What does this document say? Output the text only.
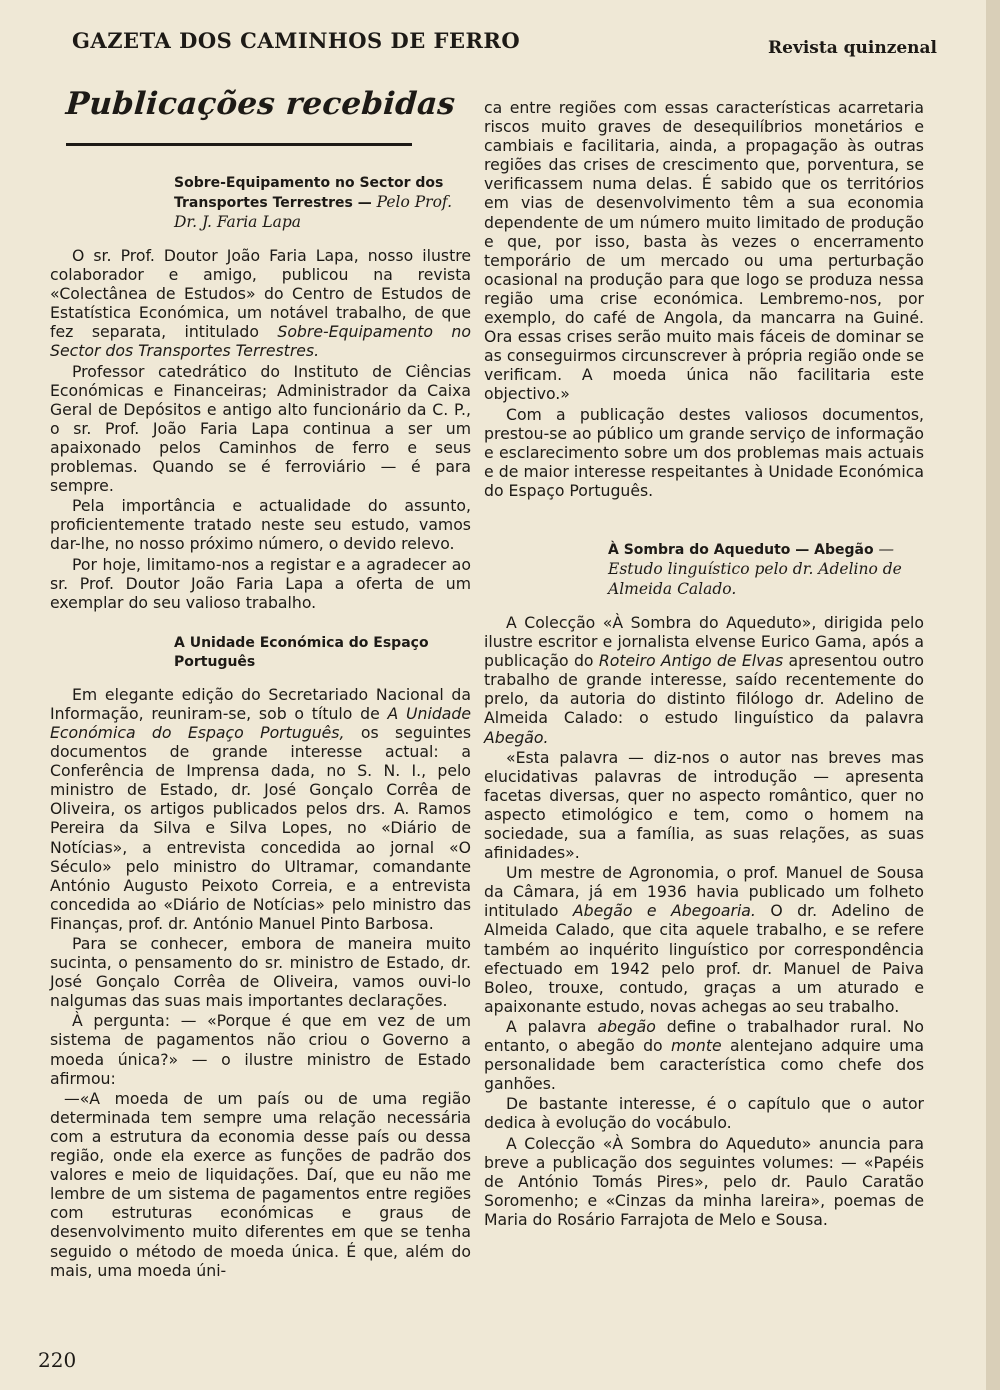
GAZETA DOS CAMINHOS DE FERRO	Revista quinzenal
Publicações recebidas
Sobre-Equipamento no Sector dos Transportes Terrestres — Pelo Prof. Dr. J. Faria Lapa

O sr. Prof. Doutor João Faria Lapa, nosso ilustre colaborador e amigo, publicou na revista «Colectânea de Estudos» do Centro de Estudos de Estatística Económica, um notável trabalho, de que fez separata, intitulado Sobre-Equipamento no Sector dos Transportes Terrestres.

Professor catedrático do Instituto de Ciências Económicas e Financeiras; Administrador da Caixa Geral de Depósitos e antigo alto funcionário da C. P., o sr. Prof. João Faria Lapa continua a ser um apaixonado pelos Caminhos de ferro e seus problemas. Quando se é ferroviário — é para sempre.

Pela importância e actualidade do assunto, proficientemente tratado neste seu estudo, vamos dar-lhe, no nosso próximo número, o devido relevo.

Por hoje, limitamo-nos a registar e a agradecer ao sr. Prof. Doutor João Faria Lapa a oferta de um exemplar do seu valioso trabalho.

A Unidade Económica do Espaço Português

Em elegante edição do Secretariado Nacional da Informação, reuniram-se, sob o título de A Unidade Económica do Espaço Português, os seguintes documentos de grande interesse actual: a Conferência de Imprensa dada, no S. N. I., pelo ministro de Estado, dr. José Gonçalo Corrêa de Oliveira, os artigos publicados pelos drs. A. Ramos Pereira da Silva e Silva Lopes, no «Diário de Notícias», a entrevista concedida ao jornal «O Século» pelo ministro do Ultramar, comandante António Augusto Peixoto Correia, e a entrevista concedida ao «Diário de Notícias» pelo ministro das Finanças, prof. dr. António Manuel Pinto Barbosa.

Para se conhecer, embora de maneira muito sucinta, o pensamento do sr. ministro de Estado, dr. José Gonçalo Corrêa de Oliveira, vamos ouvi-lo nalgumas das suas mais importantes declarações.

À pergunta: — «Porque é que em vez de um sistema de pagamentos não criou o Governo a moeda única?» — o ilustre ministro de Estado afirmou:

—«A moeda de um país ou de uma região determinada tem sempre uma relação necessária com a estrutura da economia desse país ou dessa região, onde ela exerce as funções de padrão dos valores e meio de liquidações. Daí, que eu não me lembre de um sistema de pagamentos entre regiões com estruturas económicas e graus de desenvolvimento muito diferentes em que se tenha seguido o método de moeda única. É que, além do mais, uma moeda úni-

ca entre regiões com essas características acarretaria riscos muito graves de desequilíbrios monetários e cambiais e facilitaria, ainda, a propagação às outras regiões das crises de crescimento que, porventura, se verificassem numa delas. É sabido que os territórios em vias de desenvolvimento têm a sua economia dependente de um número muito limitado de produção e que, por isso, basta às vezes o encerramento temporário de um mercado ou uma perturbação ocasional na produção para que logo se produza nessa região uma crise económica. Lembremo-nos, por exemplo, do café de Angola, da mancarra na Guiné. Ora essas crises serão muito mais fáceis de dominar se as conseguirmos circunscrever à própria região onde se verificam. A moeda única não facilitaria este objectivo.»

Com a publicação destes valiosos documentos, prestou-se ao público um grande serviço de informação e esclarecimento sobre um dos problemas mais actuais e de maior interesse respeitantes à Unidade Económica do Espaço Português.

À Sombra do Aqueduto — Abegão — Estudo linguístico pelo dr. Adelino de Almeida Calado.

A Colecção «À Sombra do Aqueduto», dirigida pelo ilustre escritor e jornalista elvense Eurico Gama, após a publicação do Roteiro Antigo de Elvas apresentou outro trabalho de grande interesse, saído recentemente do prelo, da autoria do distinto filólogo dr. Adelino de Almeida Calado: o estudo linguístico da palavra Abegão.

«Esta palavra — diz-nos o autor nas breves mas elucidativas palavras de introdução — apresenta facetas diversas, quer no aspecto romântico, quer no aspecto etimológico e tem, como o homem na sociedade, sua a família, as suas relações, as suas afinidades».

Um mestre de Agronomia, o prof. Manuel de Sousa da Câmara, já em 1936 havia publicado um folheto intitulado Abegão e Abegoaria. O dr. Adelino de Almeida Calado, que cita aquele trabalho, e se refere também ao inquérito linguístico por correspondência efectuado em 1942 pelo prof. dr. Manuel de Paiva Boleo, trouxe, contudo, graças a um aturado e apaixonante estudo, novas achegas ao seu trabalho.

A palavra abegão define o trabalhador rural. No entanto, o abegão do monte alentejano adquire uma personalidade bem característica como chefe dos ganhões.

De bastante interesse, é o capítulo que o autor dedica à evolução do vocábulo.

A Colecção «À Sombra do Aqueduto» anuncia para breve a publicação dos seguintes volumes: — «Papéis de António Tomás Pires», pelo dr. Paulo Caratão Soromenho; e «Cinzas da minha lareira», poemas de Maria do Rosário Farrajota de Melo e Sousa.

220
